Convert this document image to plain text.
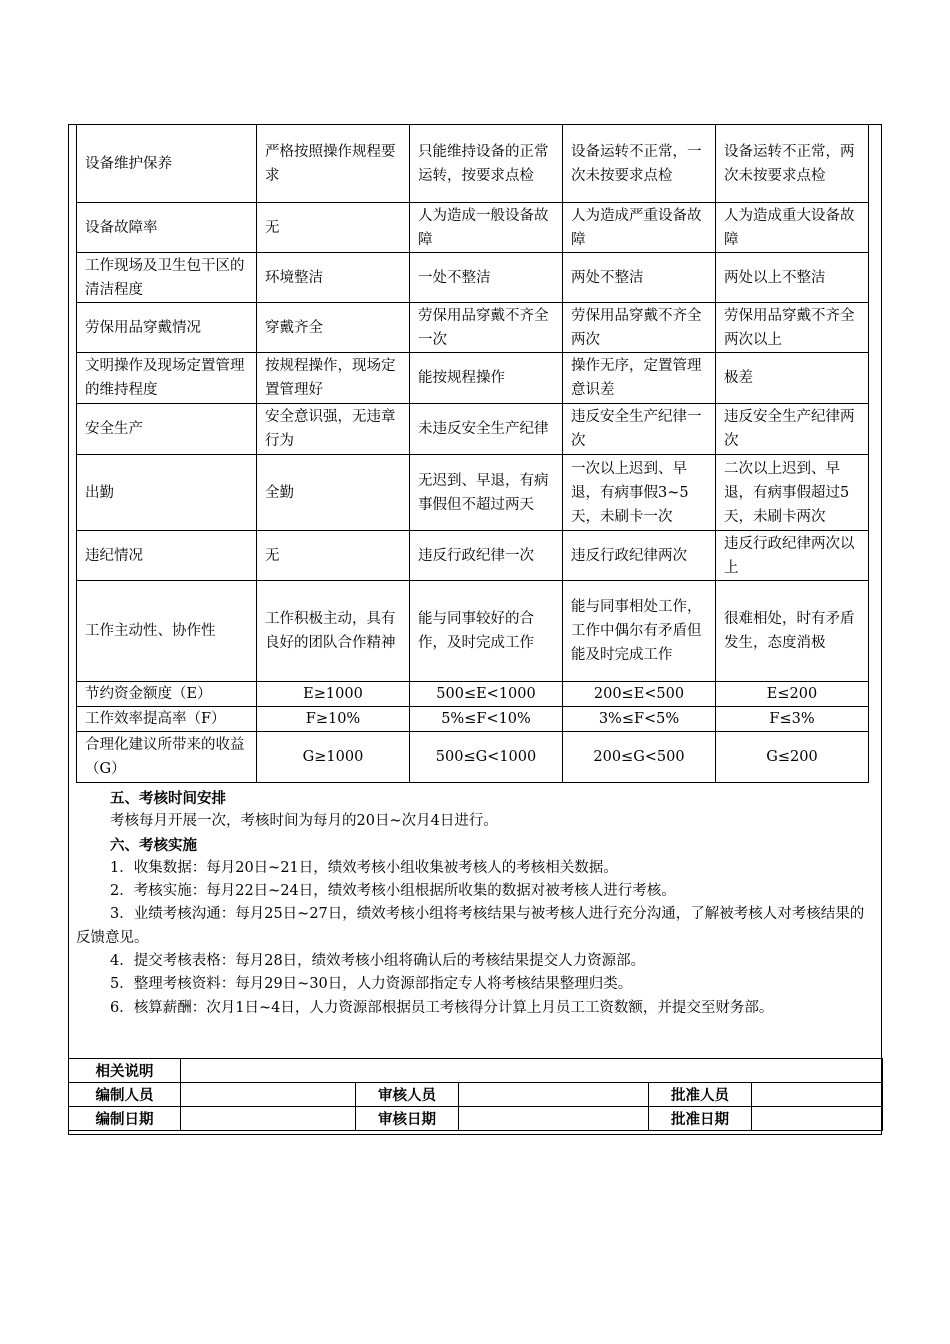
设备维护保养	严格按照操作规程要求	只能维持设备的正常运转，按要求点检	设备运转不正常，一次未按要求点检	设备运转不正常，两次未按要求点检
设备故障率	无	人为造成一般设备故障	人为造成严重设备故障	人为造成重大设备故障
工作现场及卫生包干区的清洁程度	环境整洁	一处不整洁	两处不整洁	两处以上不整洁
劳保用品穿戴情况	穿戴齐全	劳保用品穿戴不齐全一次	劳保用品穿戴不齐全两次	劳保用品穿戴不齐全两次以上
文明操作及现场定置管理的维持程度	按规程操作，现场定置管理好	能按规程操作	操作无序，定置管理意识差	极差
安全生产	安全意识强，无违章行为	未违反安全生产纪律	违反安全生产纪律一次	违反安全生产纪律两次
出勤	全勤	无迟到、早退，有病事假但不超过两天	一次以上迟到、早退，有病事假3~5天，未刷卡一次	二次以上迟到、早退，有病事假超过5天，未刷卡两次
违纪情况	无	违反行政纪律一次	违反行政纪律两次	违反行政纪律两次以上
工作主动性、协作性	工作积极主动，具有良好的团队合作精神	能与同事较好的合作，及时完成工作	能与同事相处工作，工作中偶尔有矛盾但能及时完成工作	很难相处，时有矛盾发生，态度消极
节约资金额度（E）	E≥1000	500≤E<1000	200≤E<500	E≤200
工作效率提高率（F）	F≥10%	5%≤F<10%	3%≤F<5%	F≤3%
合理化建议所带来的收益（G）	G≥1000	500≤G<1000	200≤G<500	G≤200

五、考核时间安排

考核每月开展一次，考核时间为每月的20日~次月4日进行。

六、考核实施

1．收集数据：每月20日~21日，绩效考核小组收集被考核人的考核相关数据。

2．考核实施：每月22日~24日，绩效考核小组根据所收集的数据对被考核人进行考核。

3．业绩考核沟通：每月25日~27日，绩效考核小组将考核结果与被考核人进行充分沟通，了解被考核人对考核结果的反馈意见。

4．提交考核表格：每月28日，绩效考核小组将确认后的考核结果提交人力资源部。

5．整理考核资料：每月29日~30日，人力资源部指定专人将考核结果整理归类。

6．核算薪酬：次月1日~4日，人力资源部根据员工考核得分计算上月员工工资数额，并提交至财务部。

相关说明					
编制人员		审核人员		批准人员	
编制日期		审核日期		批准日期	
